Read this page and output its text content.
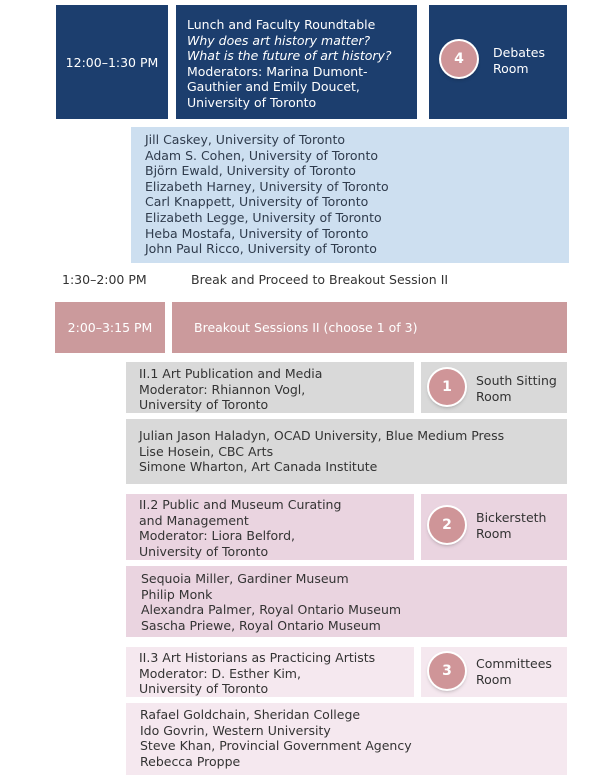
12:00–1:30 PM
Lunch and Faculty Roundtable
Why does art history matter?
What is the future of art history?
Moderators: Marina Dumont-
Gauthier and Emily Doucet,
University of Toronto
4 Debates
Room
Jill Caskey, University of Toronto
Adam S. Cohen, University of Toronto
Björn Ewald, University of Toronto
Elizabeth Harney, University of Toronto
Carl Knappett, University of Toronto
Elizabeth Legge, University of Toronto
Heba Mostafa, University of Toronto
John Paul Ricco, University of Toronto
1:30–2:00 PM	Break and Proceed to Breakout Session II
2:00–3:15 PM	Breakout Sessions II (choose 1 of 3)
II.1 Art Publication and Media
Moderator: Rhiannon Vogl,
University of Toronto
1 South Sitting
Room
Julian Jason Haladyn, OCAD University, Blue Medium Press
Lise Hosein, CBC Arts
Simone Wharton, Art Canada Institute
II.2 Public and Museum Curating
and Management
Moderator: Liora Belford,
University of Toronto
2 Bickersteth
Room
Sequoia Miller, Gardiner Museum
Philip Monk
Alexandra Palmer, Royal Ontario Museum
Sascha Priewe, Royal Ontario Museum
II.3 Art Historians as Practicing Artists
Moderator: D. Esther Kim,
University of Toronto
3 Committees
Room
Rafael Goldchain, Sheridan College
Ido Govrin, Western University
Steve Khan, Provincial Government Agency
Rebecca Proppe
